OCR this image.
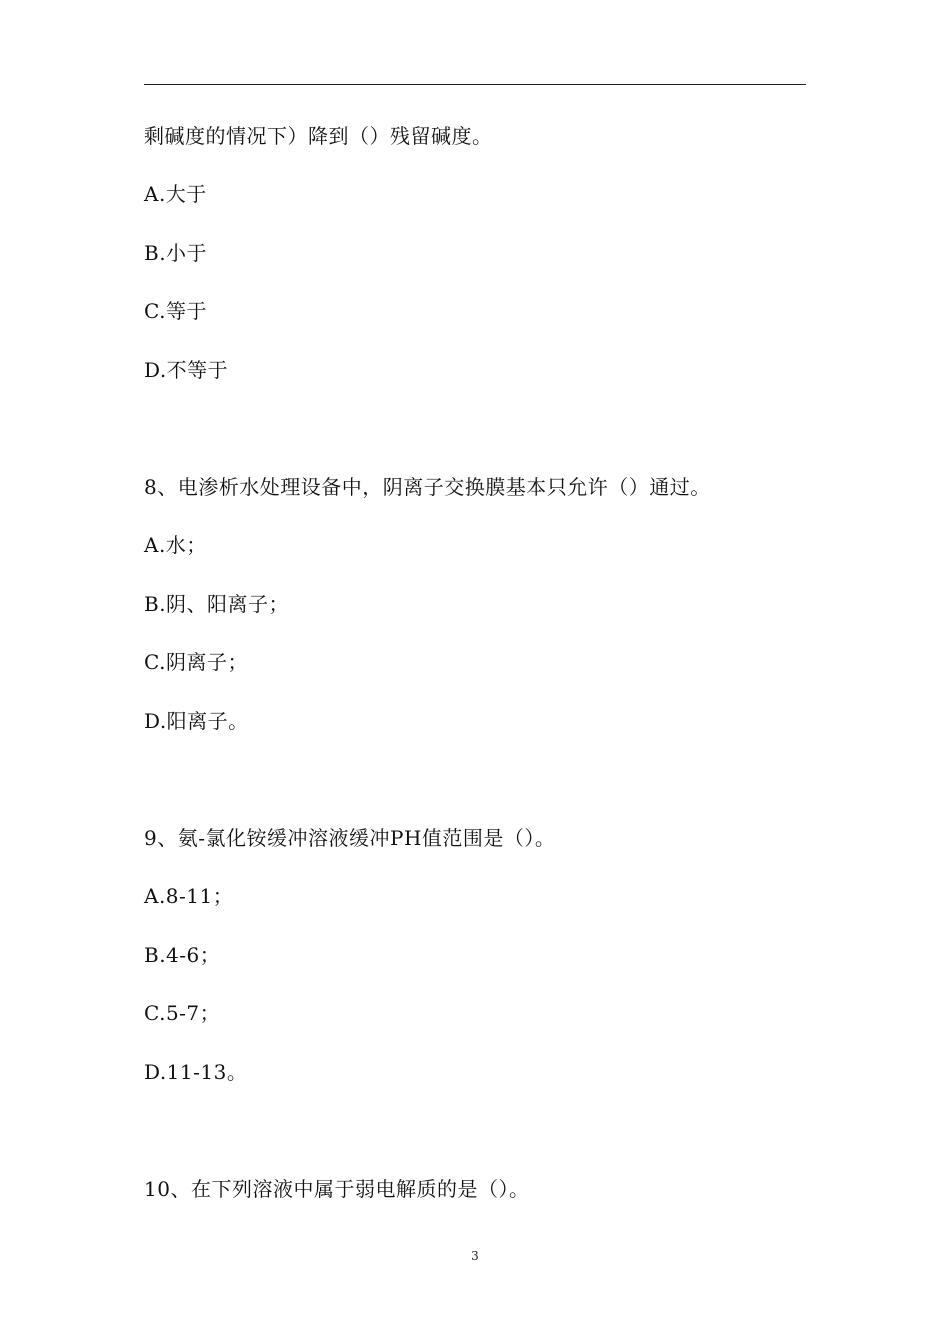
剩碱度的情况下）降到（）残留碱度。
A.大于
B.小于
C.等于
D.不等于
8、电渗析水处理设备中，阴离子交换膜基本只允许（）通过。
A.水；
B.阴、阳离子；
C.阴离子；
D.阳离子。
9、氨-氯化铵缓冲溶液缓冲PH值范围是（）。
A.8-11；
B.4-6；
C.5-7；
D.11-13。
10、在下列溶液中属于弱电解质的是（）。
3
